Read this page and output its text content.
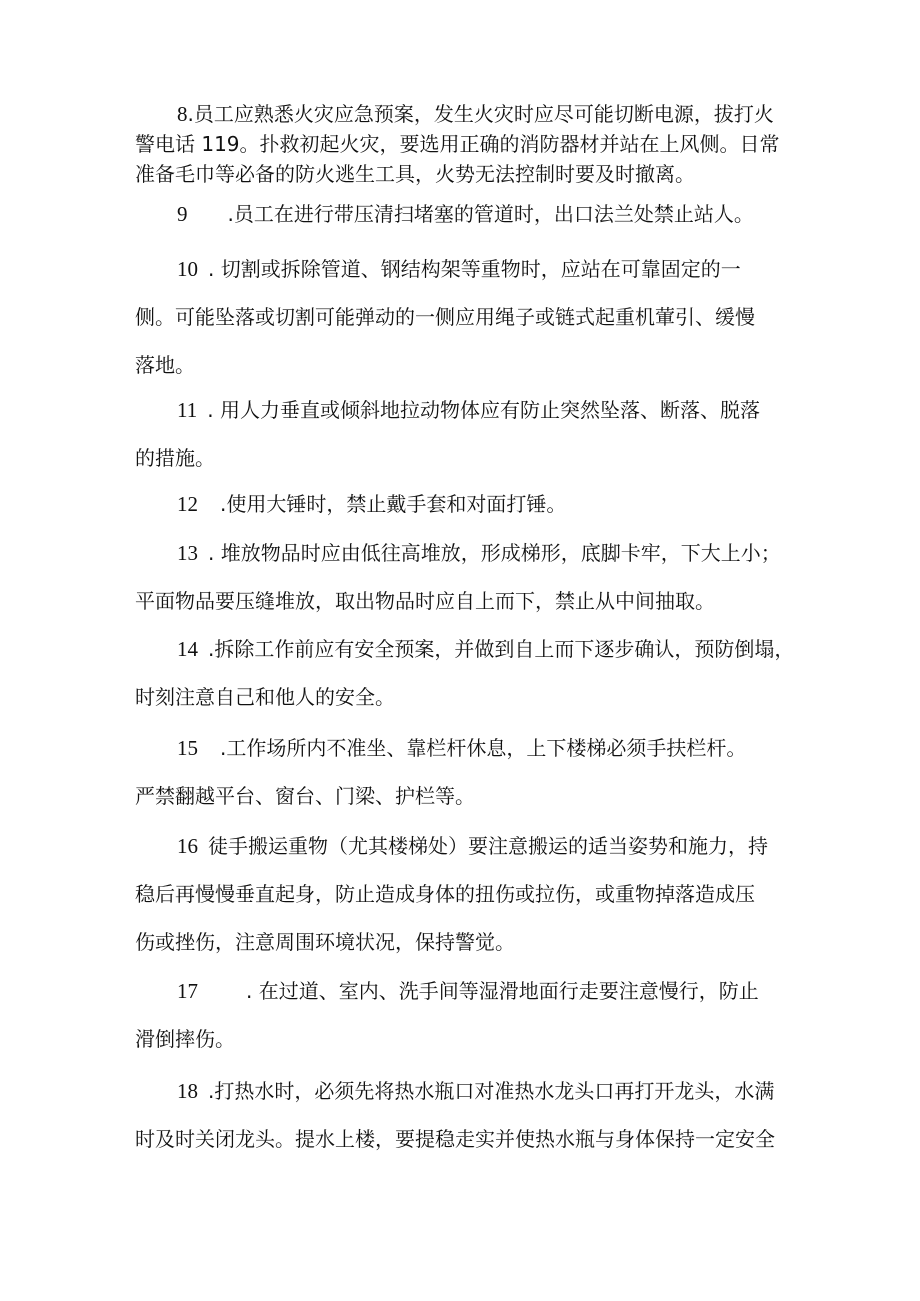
8.员工应熟悉火灾应急预案，发生火灾时应尽可能切断电源，拔打火
警电话 119。扑救初起火灾，要选用正确的消防器材并站在上风侧。日常
准备毛巾等必备的防火逃生工具，火势无法控制时要及时撤离。
9 .员工在进行带压清扫堵塞的管道时，出口法兰处禁止站人。
10 . 切割或拆除管道、钢结构架等重物时，应站在可靠固定的一
侧。可能坠落或切割可能弹动的一侧应用绳子或链式起重机葷引、缓慢
落地。
11 . 用人力垂直或倾斜地拉动物体应有防止突然坠落、断落、脱落
的措施。
12 .使用大锤时，禁止戴手套和对面打锤。
13 . 堆放物品时应由低往高堆放，形成梯形，底脚卡牢，下大上小；
平面物品要压缝堆放，取出物品时应自上而下，禁止从中间抽取。
14 .拆除工作前应有安全预案，并做到自上而下逐步确认，预防倒塌，
时刻注意自己和他人的安全。
15 .工作场所内不准坐、靠栏杆休息，上下楼梯必须手扶栏杆。
严禁翻越平台、窗台、门梁、护栏等。
16 徒手搬运重物（尤其楼梯处）要注意搬运的适当姿势和施力，持
稳后再慢慢垂直起身，防止造成身体的扭伤或拉伤，或重物掉落造成压
伤或挫伤，注意周围环境状况，保持警觉。
17 . 在过道、室内、洗手间等湿滑地面行走要注意慢行，防止
滑倒摔伤。
18 .打热水时，必须先将热水瓶口对准热水龙头口再打开龙头，水满
时及时关闭龙头。提水上楼，要提稳走实并使热水瓶与身体保持一定安全
